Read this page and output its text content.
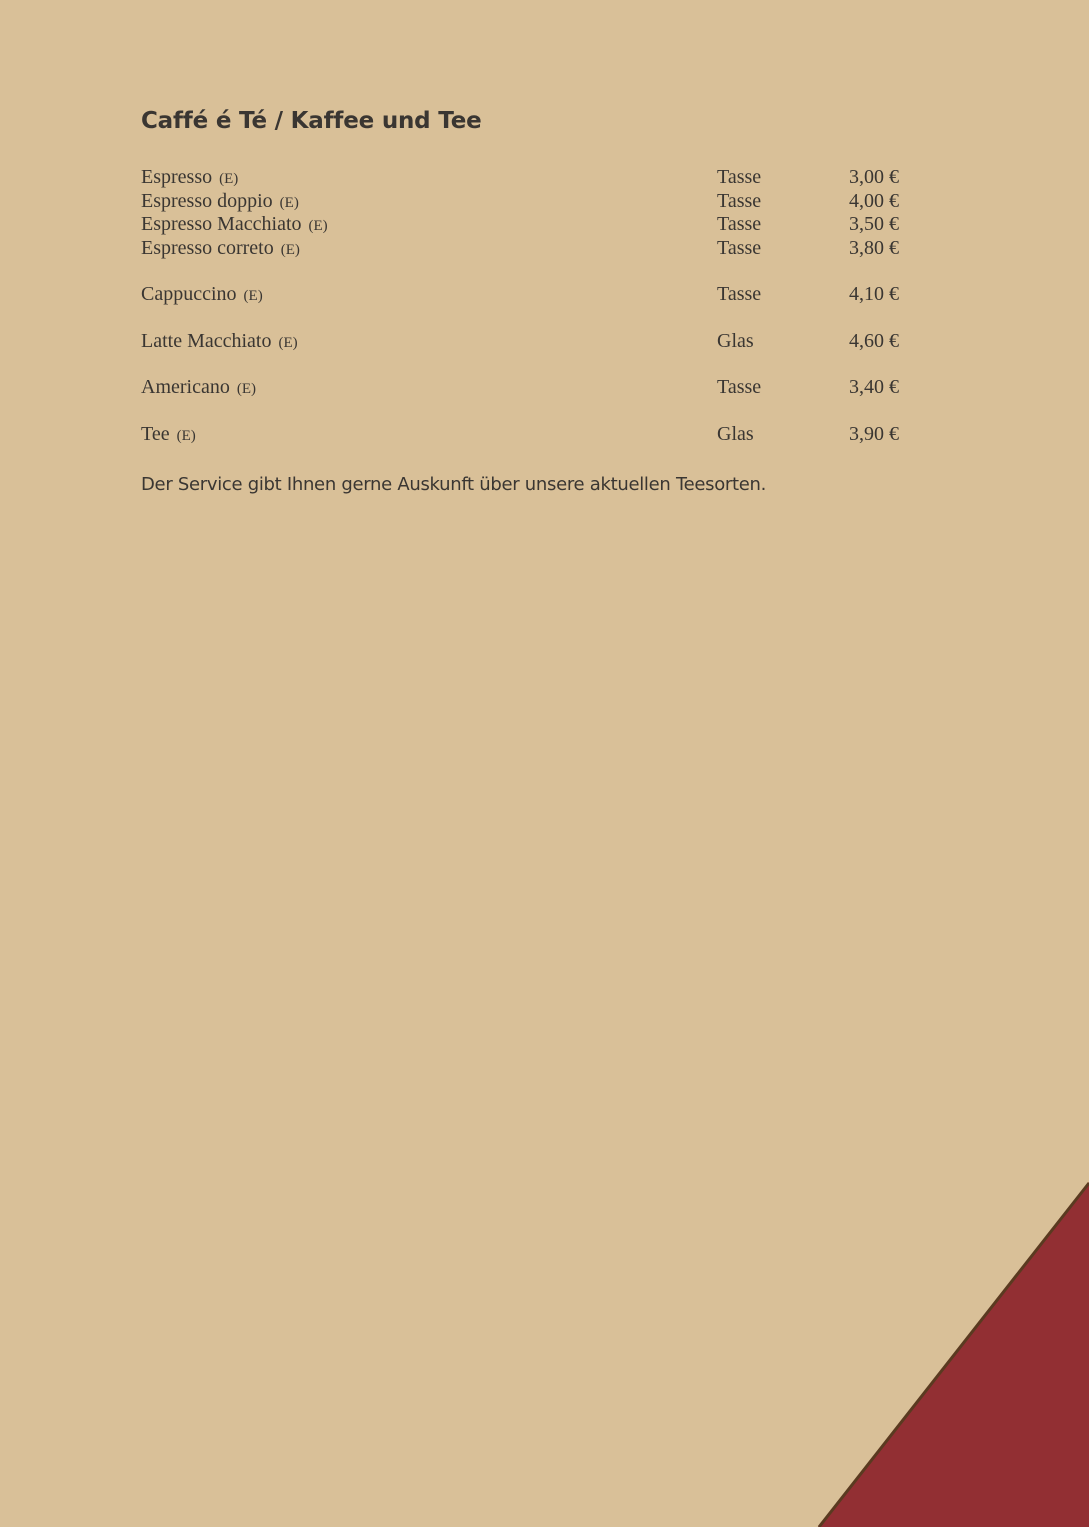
Caffé é Té / Kaffee und Tee
Espresso (E)	Tasse	3,00 €
Espresso doppio (E)	Tasse	4,00 €
Espresso Macchiato (E)	Tasse	3,50 €
Espresso correto (E)	Tasse	3,80 €
Cappuccino (E)	Tasse	4,10 €
Latte Macchiato (E)	Glas	4,60 €
Americano (E)	Tasse	3,40 €
Tee (E)	Glas	3,90 €

Der Service gibt Ihnen gerne Auskunft über unsere aktuellen Teesorten.
